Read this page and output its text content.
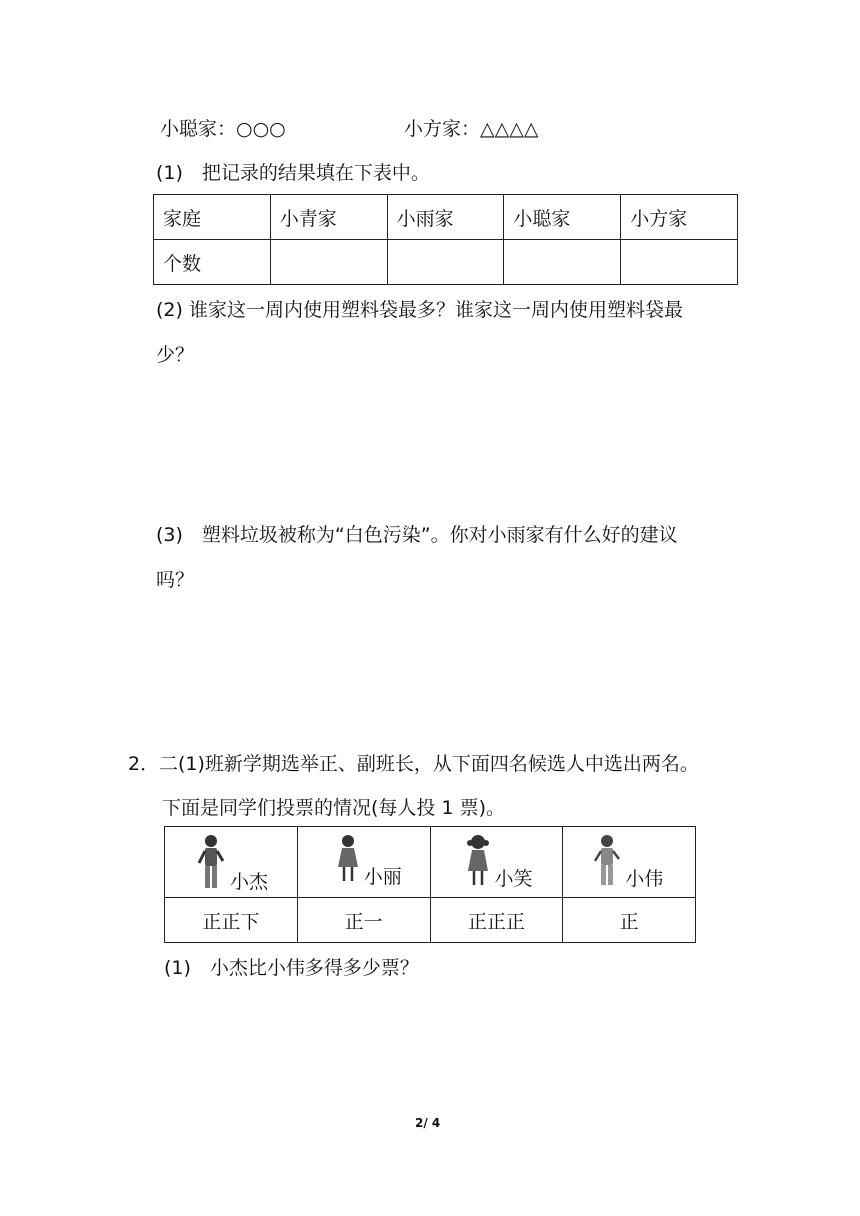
小聪家：○○○	小方家：△△△△
(1)　把记录的结果填在下表中。
家庭	小青家	小雨家	小聪家	小方家
个数				
(2) 谁家这一周内使用塑料袋最多？谁家这一周内使用塑料袋最
少？
(3)　塑料垃圾被称为“白色污染”。你对小雨家有什么好的建议
吗？
2． 二(1)班新学期选举正、副班长，从下面四名候选人中选出两名。
下面是同学们投票的情况(每人投 1 票)。
小杰	小丽	小笑	小伟

正正下	正一	正正正	正
(1)　小杰比小伟多得多少票？
2/ 4
